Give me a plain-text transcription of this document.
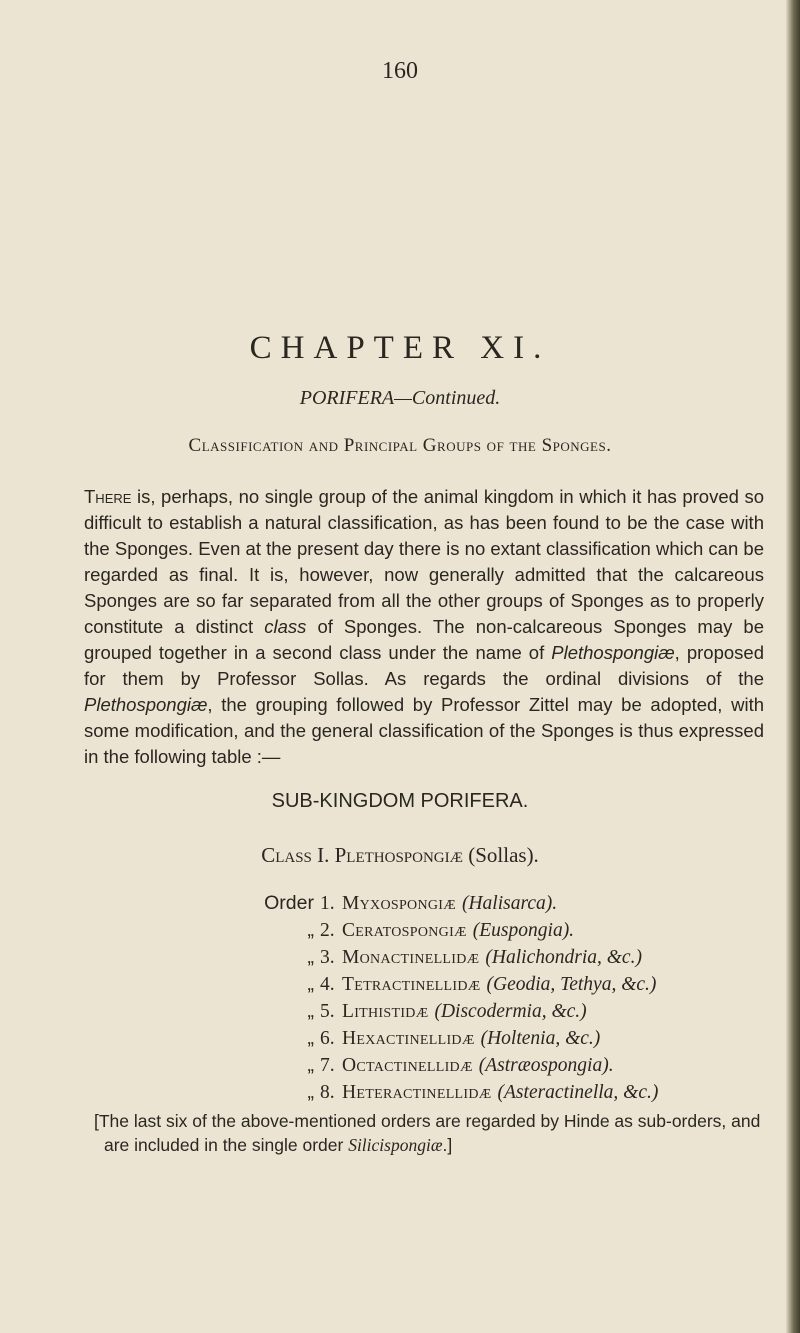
160
CHAPTER XI.
PORIFERA—Continued.
Classification and Principal Groups of the Sponges.

There is, perhaps, no single group of the animal kingdom in which it has proved so difficult to establish a natural classification, as has been found to be the case with the Sponges. Even at the present day there is no extant classification which can be regarded as final. It is, however, now generally admitted that the calcareous Sponges are so far separated from all the other groups of Sponges as to properly constitute a distinct class of Sponges. The non-calcareous Sponges may be grouped together in a second class under the name of Plethospongiæ, proposed for them by Professor Sollas. As regards the ordinal divisions of the Plethospongiæ, the grouping followed by Professor Zittel may be adopted, with some modification, and the general classification of the Sponges is thus expressed in the following table :—

SUB-KINGDOM PORIFERA.
Class I. Plethospongiæ (Sollas).
Order 1. Myxospongiæ (Halisarca).
„ 2. Ceratospongiæ (Euspongia).
„ 3. Monactinellidæ (Halichondria, &c.)
„ 4. Tetractinellidæ (Geodia, Tethya, &c.)
„ 5. Lithistidæ (Discodermia, &c.)
„ 6. Hexactinellidæ (Holtenia, &c.)
„ 7. Octactinellidæ (Astræospongia).
„ 8. Heteractinellidæ (Asteractinella, &c.)

[The last six of the above-mentioned orders are regarded by Hinde as sub-orders, and are included in the single order Silicispongiæ.]
